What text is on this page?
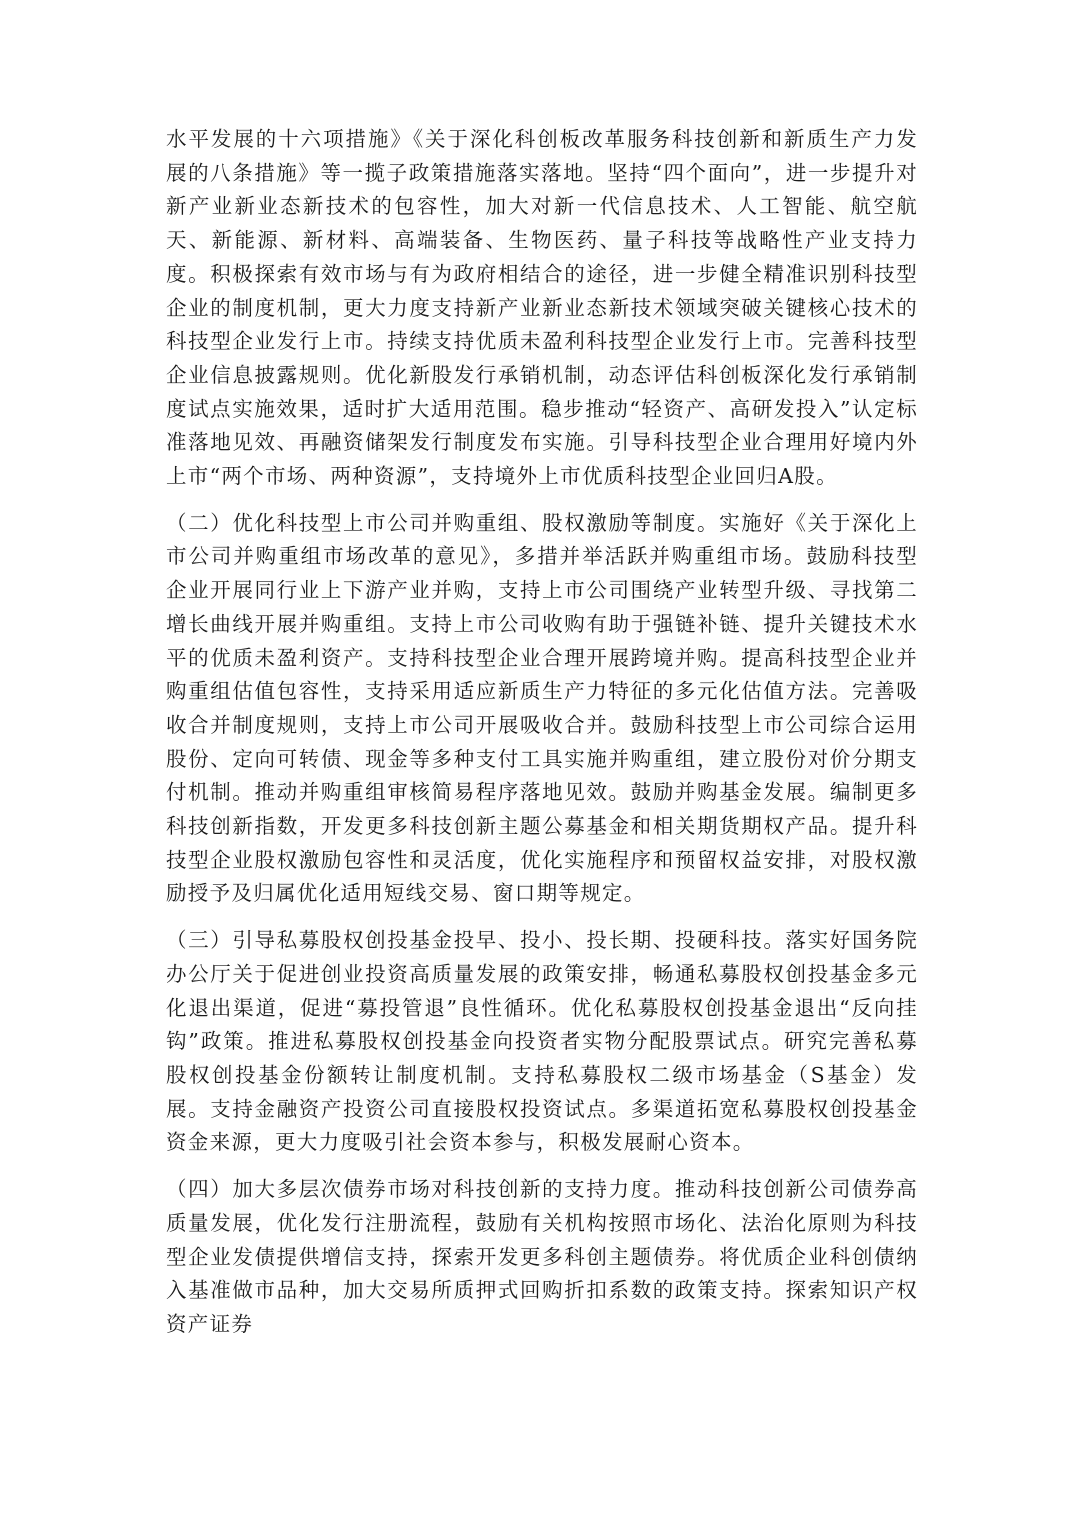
水平发展的十六项措施》《关于深化科创板改革服务科技创新和新质生产力发展的八条措施》等一揽子政策措施落实落地。坚持“四个面向”，进一步提升对新产业新业态新技术的包容性，加大对新一代信息技术、人工智能、航空航天、新能源、新材料、高端装备、生物医药、量子科技等战略性产业支持力度。积极探索有效市场与有为政府相结合的途径，进一步健全精准识别科技型企业的制度机制，更大力度支持新产业新业态新技术领域突破关键核心技术的科技型企业发行上市。持续支持优质未盈利科技型企业发行上市。完善科技型企业信息披露规则。优化新股发行承销机制，动态评估科创板深化发行承销制度试点实施效果，适时扩大适用范围。稳步推动“轻资产、高研发投入”认定标准落地见效、再融资储架发行制度发布实施。引导科技型企业合理用好境内外上市“两个市场、两种资源”，支持境外上市优质科技型企业回归A股。

（二）优化科技型上市公司并购重组、股权激励等制度。实施好《关于深化上市公司并购重组市场改革的意见》，多措并举活跃并购重组市场。鼓励科技型企业开展同行业上下游产业并购，支持上市公司围绕产业转型升级、寻找第二增长曲线开展并购重组。支持上市公司收购有助于强链补链、提升关键技术水平的优质未盈利资产。支持科技型企业合理开展跨境并购。提高科技型企业并购重组估值包容性，支持采用适应新质生产力特征的多元化估值方法。完善吸收合并制度规则，支持上市公司开展吸收合并。鼓励科技型上市公司综合运用股份、定向可转债、现金等多种支付工具实施并购重组，建立股份对价分期支付机制。推动并购重组审核简易程序落地见效。鼓励并购基金发展。编制更多科技创新指数，开发更多科技创新主题公募基金和相关期货期权产品。提升科技型企业股权激励包容性和灵活度，优化实施程序和预留权益安排，对股权激励授予及归属优化适用短线交易、窗口期等规定。

（三）引导私募股权创投基金投早、投小、投长期、投硬科技。落实好国务院办公厅关于促进创业投资高质量发展的政策安排，畅通私募股权创投基金多元化退出渠道，促进“募投管退”良性循环。优化私募股权创投基金退出“反向挂钩”政策。推进私募股权创投基金向投资者实物分配股票试点。研究完善私募股权创投基金份额转让制度机制。支持私募股权二级市场基金（S基金）发展。支持金融资产投资公司直接股权投资试点。多渠道拓宽私募股权创投基金资金来源，更大力度吸引社会资本参与，积极发展耐心资本。

（四）加大多层次债券市场对科技创新的支持力度。推动科技创新公司债券高质量发展，优化发行注册流程，鼓励有关机构按照市场化、法治化原则为科技型企业发债提供增信支持，探索开发更多科创主题债券。将优质企业科创债纳入基准做市品种，加大交易所质押式回购折扣系数的政策支持。探索知识产权资产证券
